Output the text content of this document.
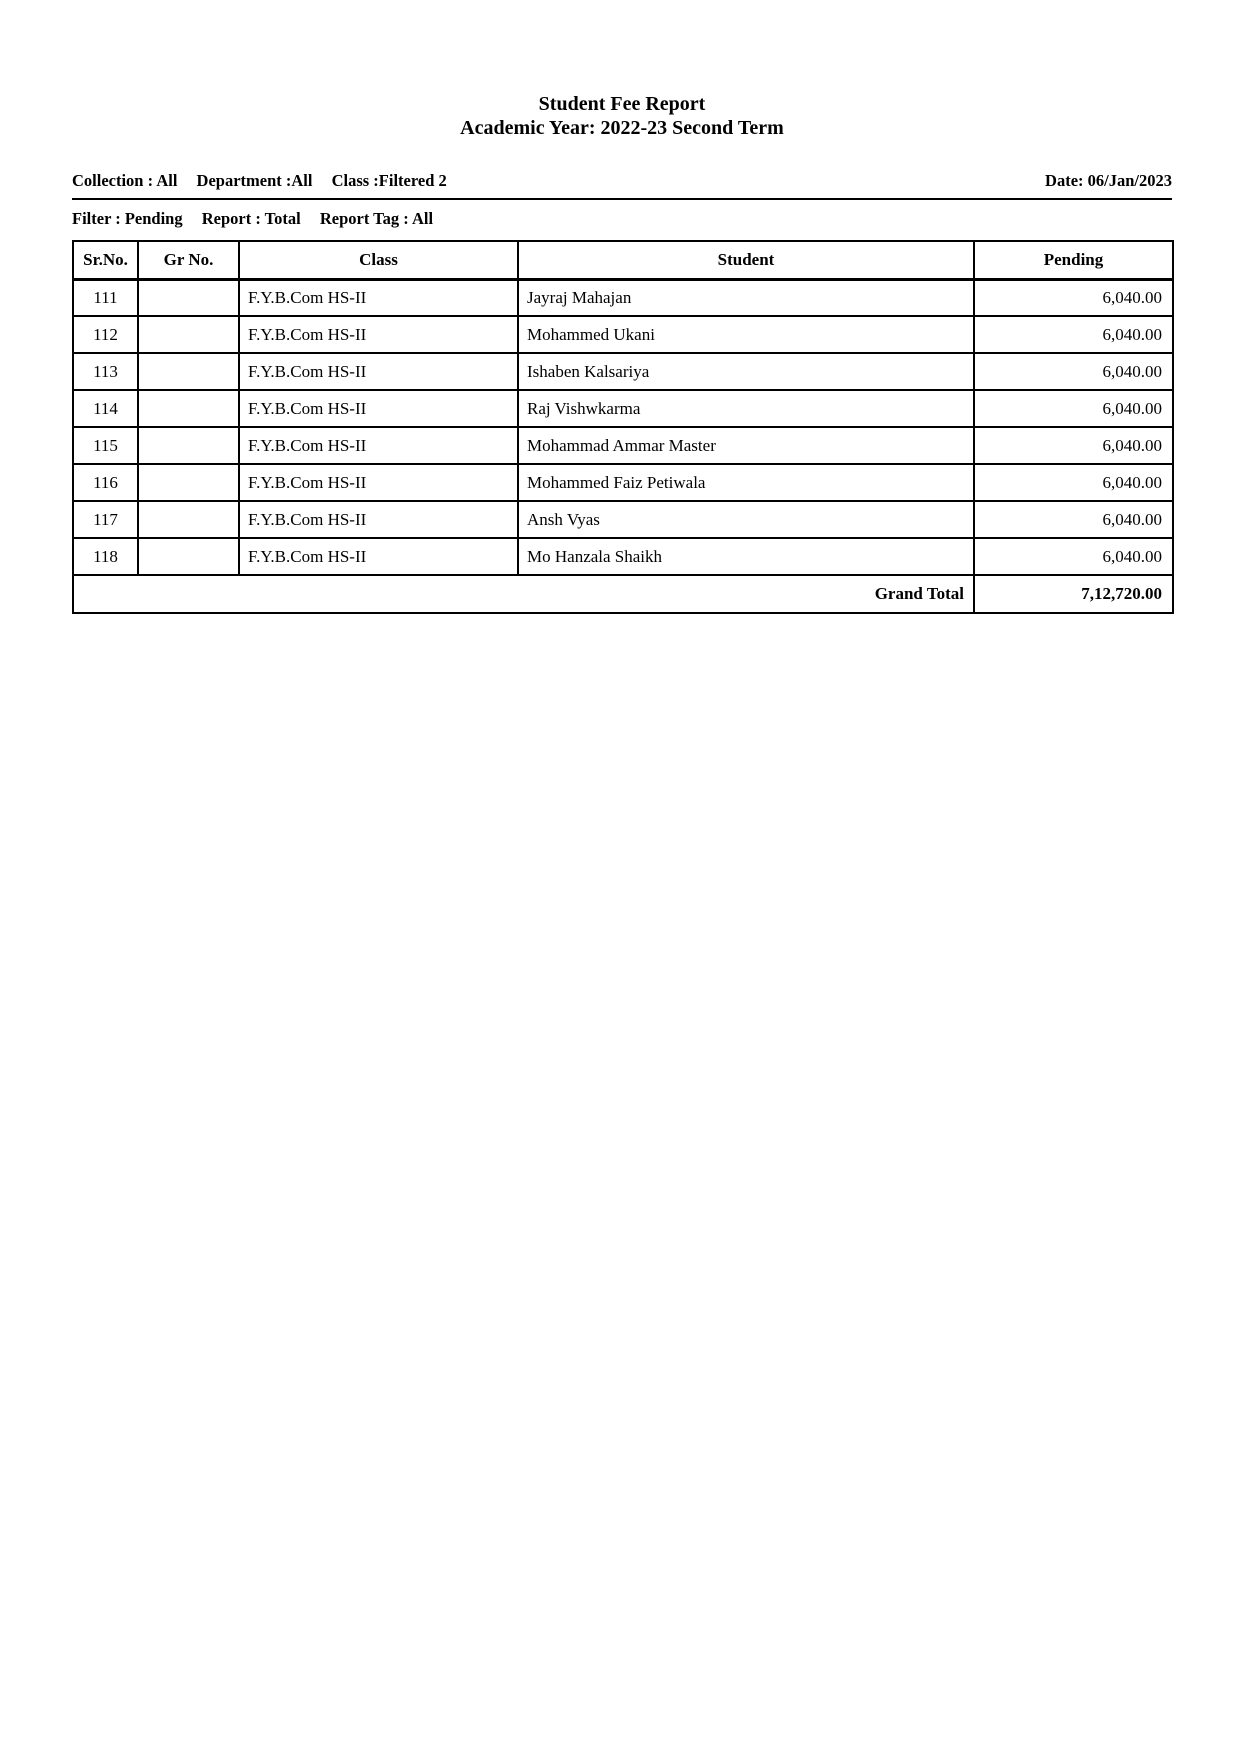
Student Fee Report
Academic Year: 2022-23 Second Term
Collection : All Department :All Class :Filtered 2	Date: 06/Jan/2023
Filter : Pending Report : Total Report Tag : All
Sr.No.	Gr No.	Class	Student	Pending
111		F.Y.B.Com HS-II	Jayraj Mahajan	6,040.00
112		F.Y.B.Com HS-II	Mohammed Ukani	6,040.00
113		F.Y.B.Com HS-II	Ishaben Kalsariya	6,040.00
114		F.Y.B.Com HS-II	Raj Vishwkarma	6,040.00
115		F.Y.B.Com HS-II	Mohammad Ammar Master	6,040.00
116		F.Y.B.Com HS-II	Mohammed Faiz Petiwala	6,040.00
117		F.Y.B.Com HS-II	Ansh Vyas	6,040.00
118		F.Y.B.Com HS-II	Mo Hanzala Shaikh	6,040.00
Grand Total				7,12,720.00
